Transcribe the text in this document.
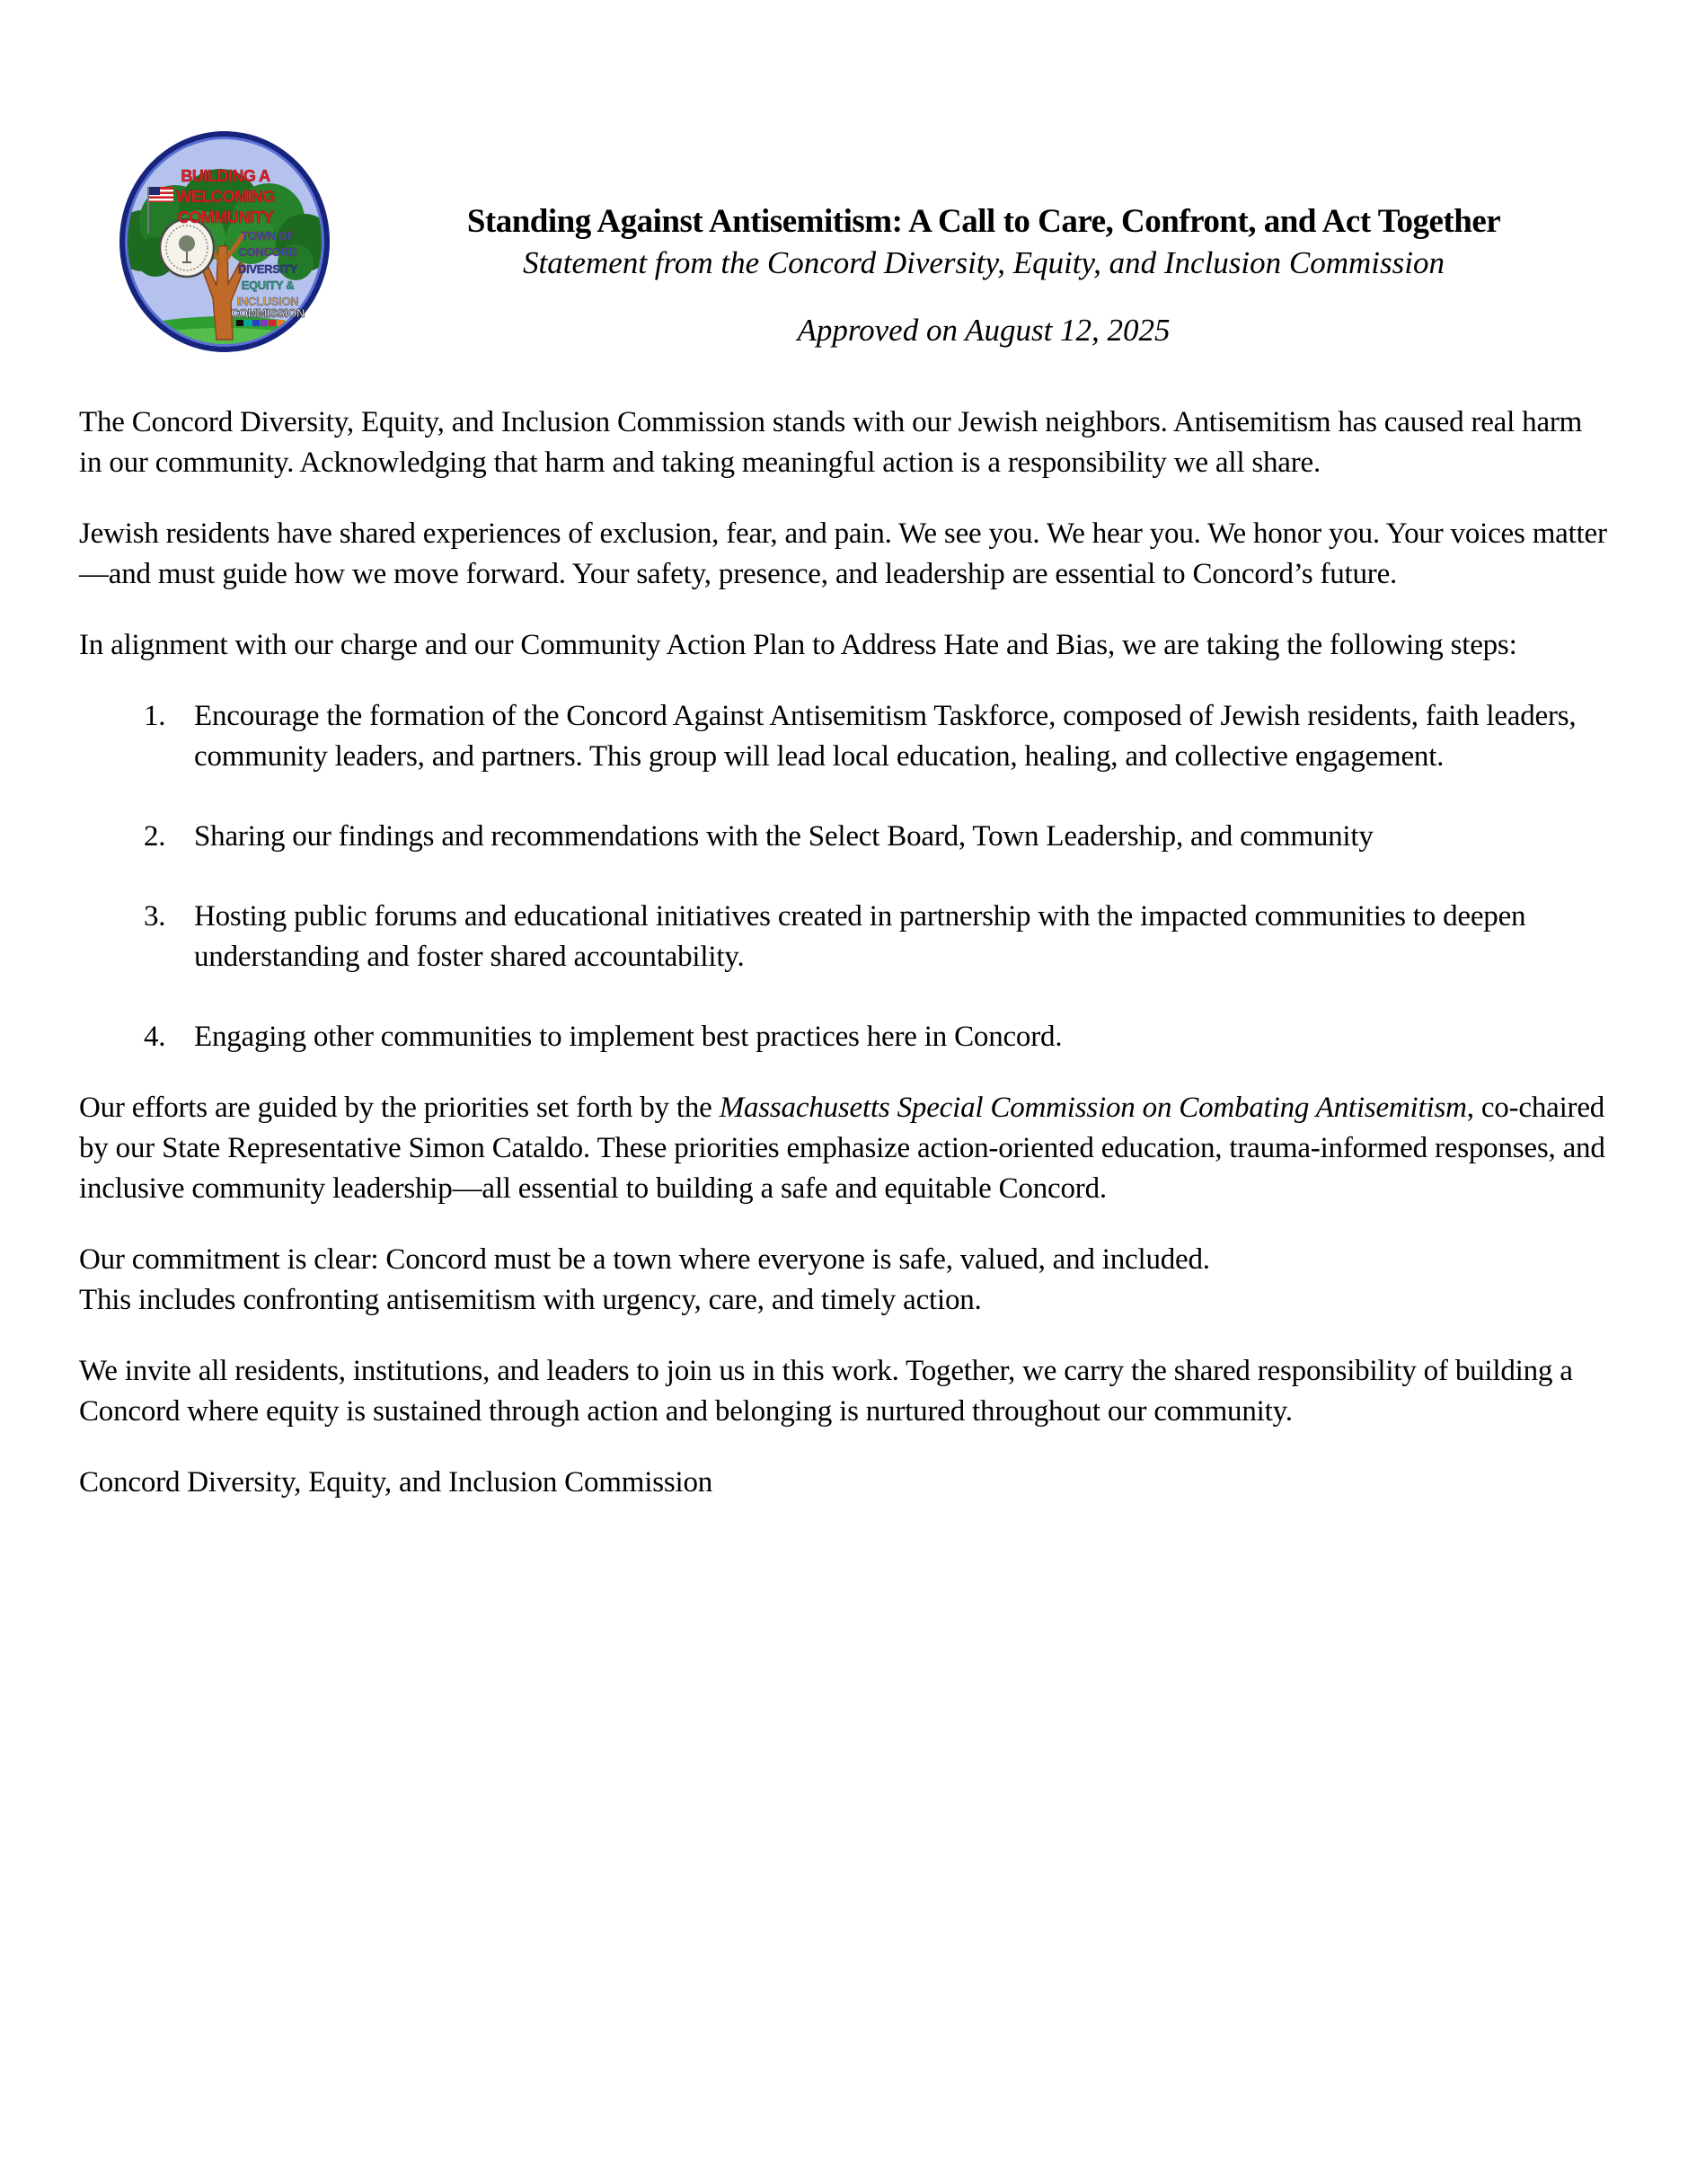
BUILDING A
WELCOMING
COMMUNITY
TOWN OF
CONCORD
DIVERSITY
EQUITY &
INCLUSION
COMMISSION
Standing Against Antisemitism: A Call to Care, Confront, and Act Together
Statement from the Concord Diversity, Equity, and Inclusion Commission
Approved on August 12, 2025

The Concord Diversity, Equity, and Inclusion Commission stands with our Jewish neighbors. Antisemitism has caused real harm in our community. Acknowledging that harm and taking meaningful action is a responsibility we all share.

Jewish residents have shared experiences of exclusion, fear, and pain. We see you. We hear you. We honor you. Your voices matter—and must guide how we move forward. Your safety, presence, and leadership are essential to Concord’s future.

In alignment with our charge and our Community Action Plan to Address Hate and Bias, we are taking the following steps:

1. Encourage the formation of the Concord Against Antisemitism Taskforce, composed of Jewish residents, faith leaders, community leaders, and partners. This group will lead local education, healing, and collective engagement.
2. Sharing our findings and recommendations with the Select Board, Town Leadership, and community
3. Hosting public forums and educational initiatives created in partnership with the impacted communities to deepen understanding and foster shared accountability.
4. Engaging other communities to implement best practices here in Concord.

Our efforts are guided by the priorities set forth by the Massachusetts Special Commission on Combating Antisemitism, co-chaired by our State Representative Simon Cataldo. These priorities emphasize action-oriented education, trauma-informed responses, and inclusive community leadership—all essential to building a safe and equitable Concord.

Our commitment is clear: Concord must be a town where everyone is safe, valued, and included.
This includes confronting antisemitism with urgency, care, and timely action.

We invite all residents, institutions, and leaders to join us in this work. Together, we carry the shared responsibility of building a Concord where equity is sustained through action and belonging is nurtured throughout our community.

Concord Diversity, Equity, and Inclusion Commission
